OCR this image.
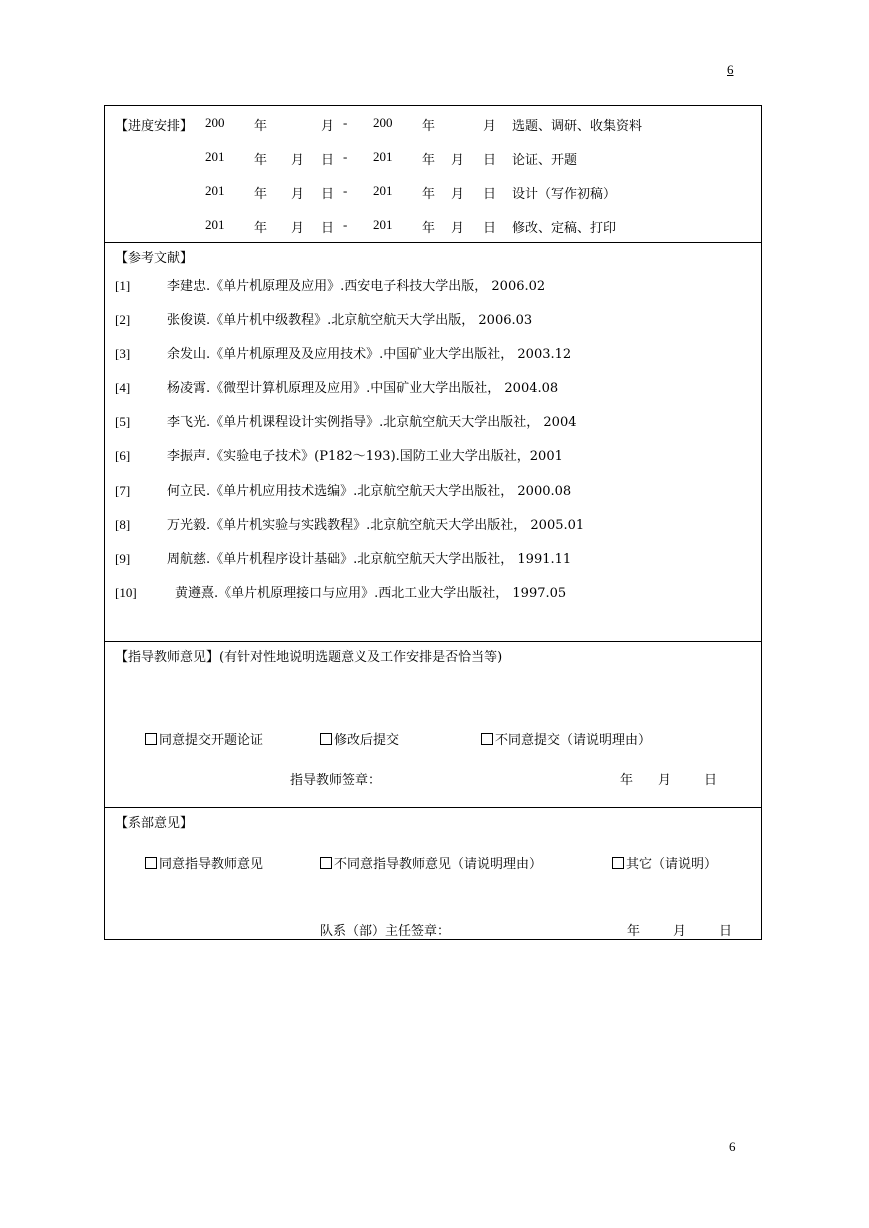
6
【进度安排】 200 年	月 - 200 年	月 选题、调研、收集资料
201 年 月 日 - 201 年 月 日 论证、开题
201 年 月 日 - 201 年 月 日 设计（写作初稿）
201 年 月 日 - 201 年 月 日 修改、定稿、打印
【参考文献】
[1]	李建忠.《单片机原理及应用》.西安电子科技大学出版， 2006.02
[2]	张俊谟.《单片机中级教程》.北京航空航天大学出版， 2006.03
[3]	余发山.《单片机原理及及应用技术》.中国矿业大学出版社， 2003.12
[4]	杨凌霄.《微型计算机原理及应用》.中国矿业大学出版社， 2004.08
[5]	李飞光.《单片机课程设计实例指导》.北京航空航天大学出版社， 2004
[6]	李振声.《实验电子技术》(P182～193).国防工业大学出版社，2001
[7]	何立民.《单片机应用技术选编》.北京航空航天大学出版社， 2000.08
[8]	万光毅.《单片机实验与实践教程》.北京航空航天大学出版社， 2005.01
[9]	周航慈.《单片机程序设计基础》.北京航空航天大学出版社， 1991.11
[10]	黄遵熹.《单片机原理接口与应用》.西北工业大学出版社， 1997.05
【指导教师意见】(有针对性地说明选题意义及工作安排是否恰当等)
同意提交开题论证	修改后提交	不同意提交（请说明理由）
指导教师签章：	年 月	日
【系部意见】
同意指导教师意见	不同意指导教师意见（请说明理由）	其它（请说明）
队系（部）主任签章：	年	月	日
6
